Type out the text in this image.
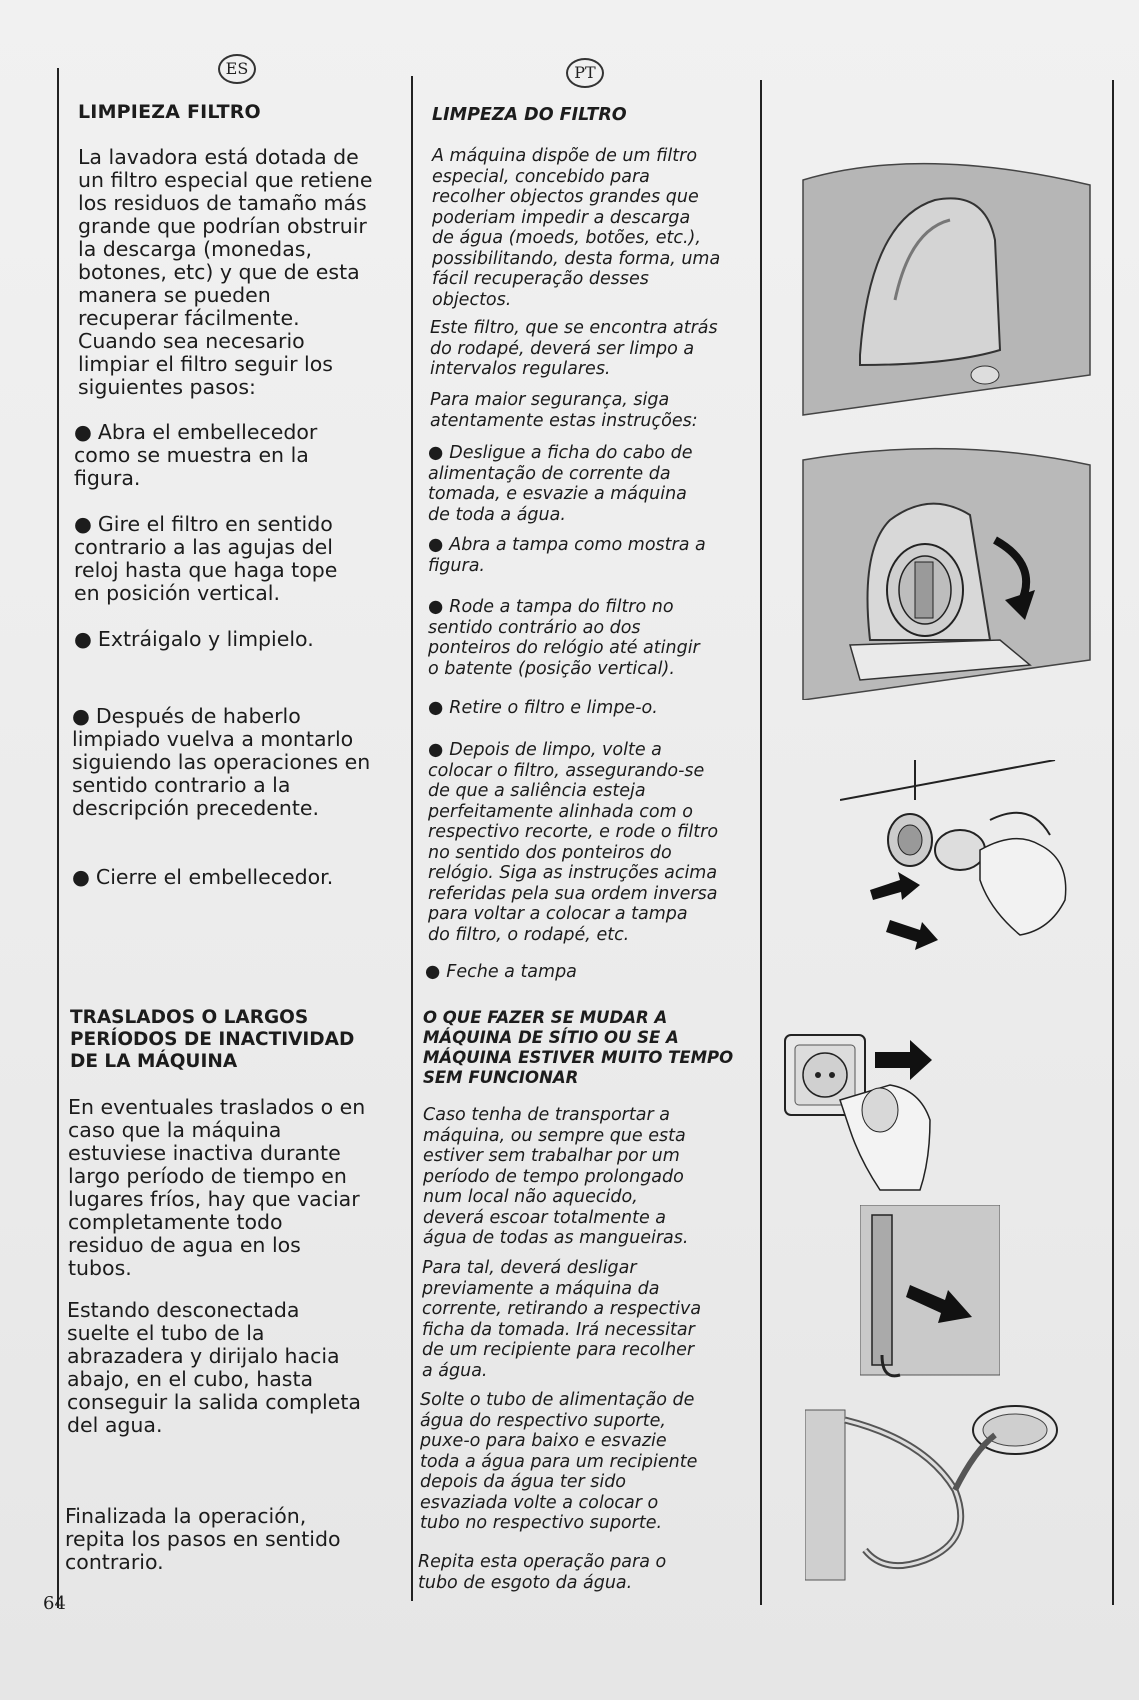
ES	PT

LIMPIEZA FILTRO

La lavadora está dotada de

un filtro especial que retiene

los residuos de tamaño más

grande que podrían obstruir

la descarga (monedas,

botones, etc) y que de esta

manera se pueden

recuperar fácilmente.

Cuando sea necesario

limpiar el filtro seguir los

siguientes pasos:

● Abra el embellecedor

como se muestra en la

figura.

● Gire el filtro en sentido

contrario a las agujas del

reloj hasta que haga tope

en posición vertical.

● Extráigalo y limpielo.

● Después de haberlo

limpiado vuelva a montarlo

siguiendo las operaciones en

sentido contrario a la

descripción precedente.

● Cierre el embellecedor.

TRASLADOS O LARGOS
PERÍODOS DE INACTIVIDAD
DE LA MÁQUINA

En eventuales traslados o en

caso que la máquina

estuviese inactiva durante

largo período de tiempo en

lugares fríos, hay que vaciar

completamente todo

residuo de agua en los

tubos.

Estando desconectada

suelte el tubo de la

abrazadera y dirijalo hacia

abajo, en el cubo, hasta

conseguir la salida completa

del agua.

Finalizada la operación,

repita los pasos en sentido

contrario.

LIMPEZA DO FILTRO

A máquina dispõe de um filtro

especial, concebido para

recolher objectos grandes que

poderiam impedir a descarga

de água (moeds, botões, etc.),

possibilitando, desta forma, uma

fácil recuperação desses

objectos.

Este filtro, que se encontra atrás

do rodapé, deverá ser limpo a

intervalos regulares.

Para maior segurança, siga

atentamente estas instruções:

● Desligue a ficha do cabo de

alimentação de corrente da

tomada, e esvazie a máquina

de toda a água.

● Abra a tampa como mostra a

figura.

● Rode a tampa do filtro no

sentido contrário ao dos

ponteiros do relógio até atingir

o batente (posição vertical).

● Retire o filtro e limpe-o.

● Depois de limpo, volte a

colocar o filtro, assegurando-se

de que a saliência esteja

perfeitamente alinhada com o

respectivo recorte, e rode o filtro

no sentido dos ponteiros do

relógio. Siga as instruções acima

referidas pela sua ordem inversa

para voltar a colocar a tampa

do filtro, o rodapé, etc.

● Feche a tampa

O QUE FAZER SE MUDAR A
MÁQUINA DE SÍTIO OU SE A
MÁQUINA ESTIVER MUITO TEMPO
SEM FUNCIONAR

Caso tenha de transportar a

máquina, ou sempre que esta

estiver sem trabalhar por um

período de tempo prolongado

num local não aquecido,

deverá escoar totalmente a

água de todas as mangueiras.

Para tal, deverá desligar

previamente a máquina da

corrente, retirando a respectiva

ficha da tomada. Irá necessitar

de um recipiente para recolher

a água.

Solte o tubo de alimentação de

água do respectivo suporte,

puxe-o para baixo e esvazie

toda a água para um recipiente

depois da água ter sido

esvaziada volte a colocar o

tubo no respectivo suporte.

Repita esta operação para o

tubo de esgoto da água.

64
